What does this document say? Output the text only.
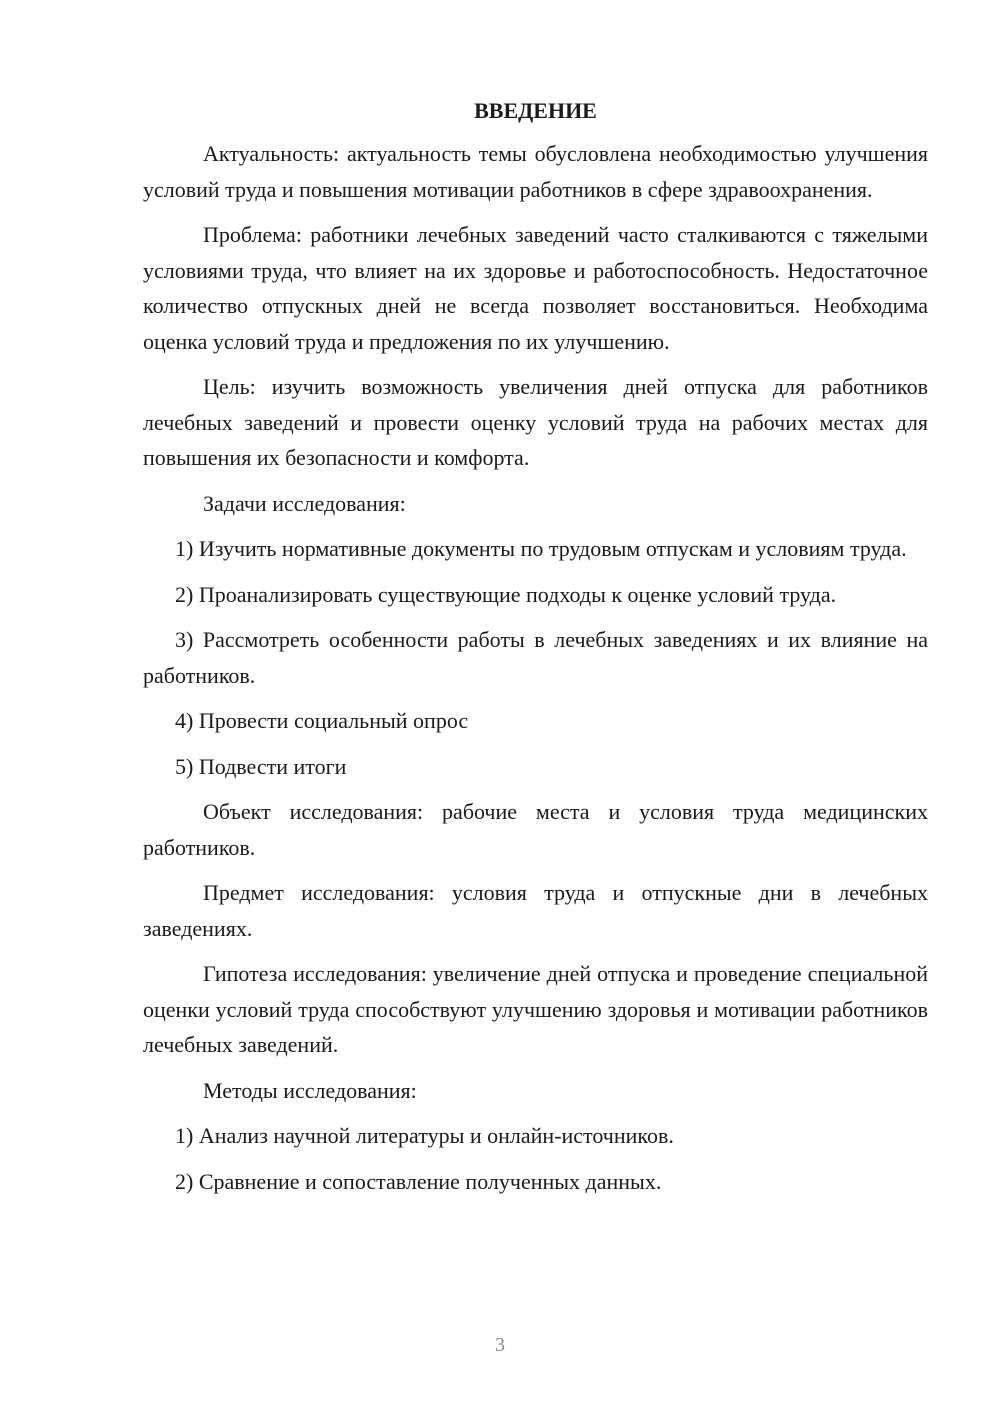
ВВЕДЕНИЕ

Актуальность: актуальность темы обусловлена необходимостью улучшения условий труда и повышения мотивации работников в сфере здравоохранения.

Проблема: работники лечебных заведений часто сталкиваются с тяжелыми условиями труда, что влияет на их здоровье и работоспособность. Недостаточное количество отпускных дней не всегда позволяет восстановиться. Необходима оценка условий труда и предложения по их улучшению.

Цель: изучить возможность увеличения дней отпуска для работников лечебных заведений и провести оценку условий труда на рабочих местах для повышения их безопасности и комфорта.

Задачи исследования:

1) Изучить нормативные документы по трудовым отпускам и условиям труда.

2) Проанализировать существующие подходы к оценке условий труда.

3) Рассмотреть особенности работы в лечебных заведениях и их влияние на работников.

4) Провести социальный опрос

5) Подвести итоги

Объект исследования: рабочие места и условия труда медицинских работников.

Предмет исследования: условия труда и отпускные дни в лечебных заведениях.

Гипотеза исследования: увеличение дней отпуска и проведение специальной оценки условий труда способствуют улучшению здоровья и мотивации работников лечебных заведений.

Методы исследования:

1) Анализ научной литературы и онлайн-источников.

2) Сравнение и сопоставление полученных данных.

3
